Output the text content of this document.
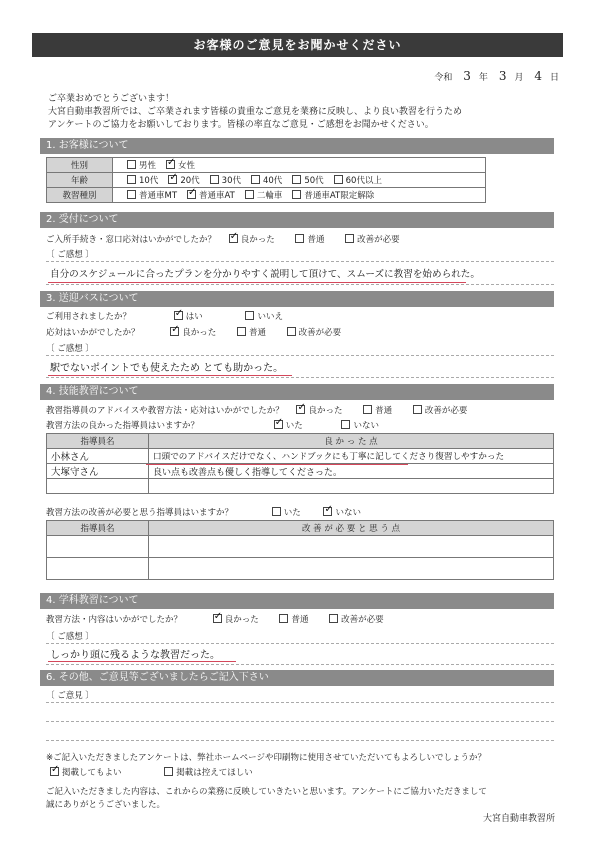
お客様のご意見をお聞かせください
令和 3 年 3 月 4 日
ご卒業おめでとうございます！
大宮自動車教習所では、ご卒業されます皆様の貴重なご意見を業務に反映し、より良い教習を行うため
アンケートのご協力をお願いしております。皆様の率直なご意見・ご感想をお聞かせください。
1. お客様について
性別	男性 ✓ 女性
年齢	10代 ✓ 20代 30代 40代 50代 60代以上
教習種別	普通車MT ✓ 普通車AT 二輪車 普通車AT限定解除
2. 受付について
ご入所手続き・窓口応対はいかがでしたか？ ✓	良かった	普通	改善が必要
〔 ご感想 〕
自分のスケジュールに合ったプランを分かりやすく説明して頂けて、スムーズに教習を始められた。
3. 送迎バスについて
ご利用されましたか？ ✓	はい	いいえ
応対はいかがでしたか？ ✓	良かった	普通	改善が必要
〔 ご感想 〕
駅でないポイントでも使えたため とても助かった。
4. 技能教習について
教習指導員のアドバイスや教習方法・応対はいかがでしたか？ ✓	良かった	普通	改善が必要
教習方法の良かった指導員はいますか？ ✓	いた	いない
指導員名	良 か っ た 点
小林さん	口頭でのアドバイスだけでなく、ハンドブックにも丁寧に記してくださり復習しやすかった
大塚守さん	良い点も改善点も優しく指導してくださった。

教習方法の改善が必要と思う指導員はいますか？	いた ✓	いない
指導員名	改 善 が 必 要 と 思 う 点

4. 学科教習について
教習方法・内容はいかがでしたか？ ✓	良かった	普通	改善が必要
〔 ご感想 〕
しっかり頭に残るような教習だった。
6. その他、ご意見等ございましたらご記入下さい
〔 ご意見 〕
※ご記入いただきましたアンケートは、弊社ホームページや印刷物に使用させていただいてもよろしいでしょうか？
✓掲載してもよい	掲載は控えてほしい
ご記入いただきました内容は、これからの業務に反映していきたいと思います。アンケートにご協力いただきまして
誠にありがとうございました。
大宮自動車教習所
